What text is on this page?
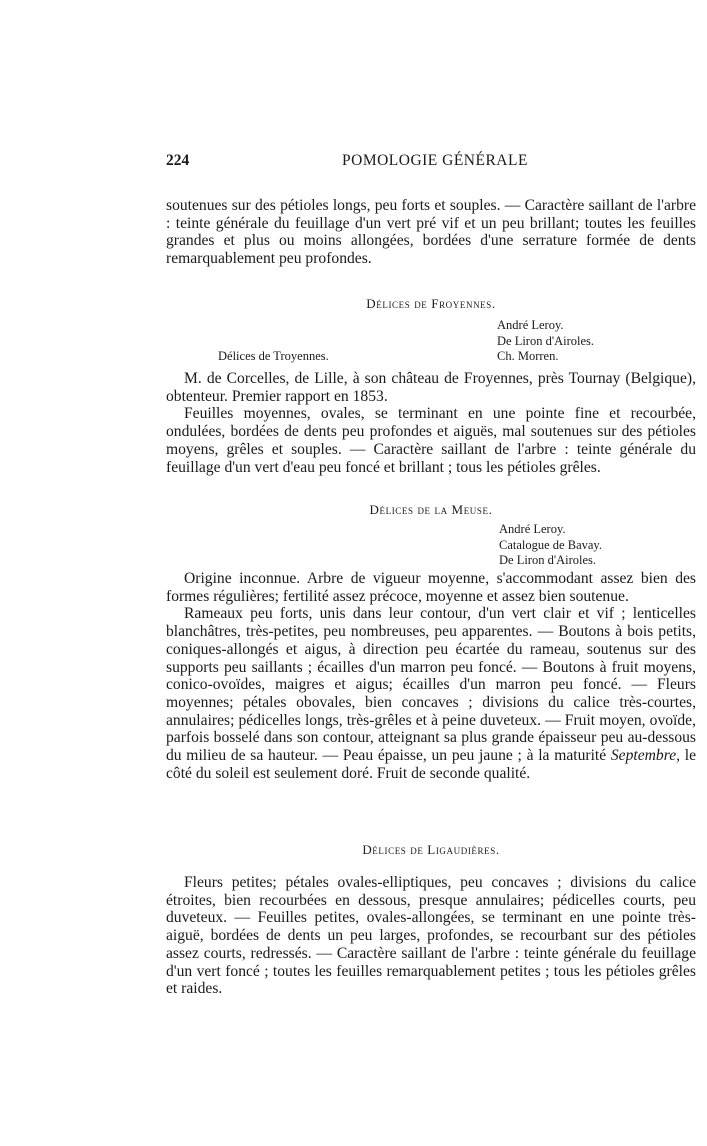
224	POMOLOGIE GÉNÉRALE

soutenues sur des pétioles longs, peu forts et souples. — Caractère saillant de l'arbre : teinte générale du feuillage d'un vert pré vif et un peu brillant; toutes les feuilles grandes et plus ou moins allongées, bordées d'une serrature formée de dents remarquablement peu profondes.

Délices de Froyennes.
André Leroy.
De Liron d'Airoles.
Ch. Morren.
Délices de Troyennes.

M. de Corcelles, de Lille, à son château de Froyennes, près Tournay (Belgique), obtenteur. Premier rapport en 1853.

Feuilles moyennes, ovales, se terminant en une pointe fine et recourbée, ondulées, bordées de dents peu profondes et aiguës, mal soutenues sur des pétioles moyens, grêles et souples. — Caractère saillant de l'arbre : teinte générale du feuillage d'un vert d'eau peu foncé et brillant ; tous les pétioles grêles.

Délices de la Meuse.
André Leroy.
Catalogue de Bavay.
De Liron d'Airoles.

Origine inconnue. Arbre de vigueur moyenne, s'accommodant assez bien des formes régulières; fertilité assez précoce, moyenne et assez bien soutenue.

Rameaux peu forts, unis dans leur contour, d'un vert clair et vif ; lenticelles blanchâtres, très-petites, peu nombreuses, peu apparentes. — Boutons à bois petits, coniques-allongés et aigus, à direction peu écartée du rameau, soutenus sur des supports peu saillants ; écailles d'un marron peu foncé. — Boutons à fruit moyens, conico-ovoïdes, maigres et aigus; écailles d'un marron peu foncé. — Fleurs moyennes; pétales obovales, bien concaves ; divisions du calice très-courtes, annulaires; pédicelles longs, très-grêles et à peine duveteux. — Fruit moyen, ovoïde, parfois bosselé dans son contour, atteignant sa plus grande épaisseur peu au-dessous du milieu de sa hauteur. — Peau épaisse, un peu jaune ; à la maturité Septembre, le côté du soleil est seulement doré. Fruit de seconde qualité.

Délices de Ligaudières.

Fleurs petites; pétales ovales-elliptiques, peu concaves ; divisions du calice étroites, bien recourbées en dessous, presque annulaires; pédicelles courts, peu duveteux. — Feuilles petites, ovales-allongées, se terminant en une pointe très-aiguë, bordées de dents un peu larges, profondes, se recourbant sur des pétioles assez courts, redressés. — Caractère saillant de l'arbre : teinte générale du feuillage d'un vert foncé ; toutes les feuilles remarquablement petites ; tous les pétioles grêles et raides.
